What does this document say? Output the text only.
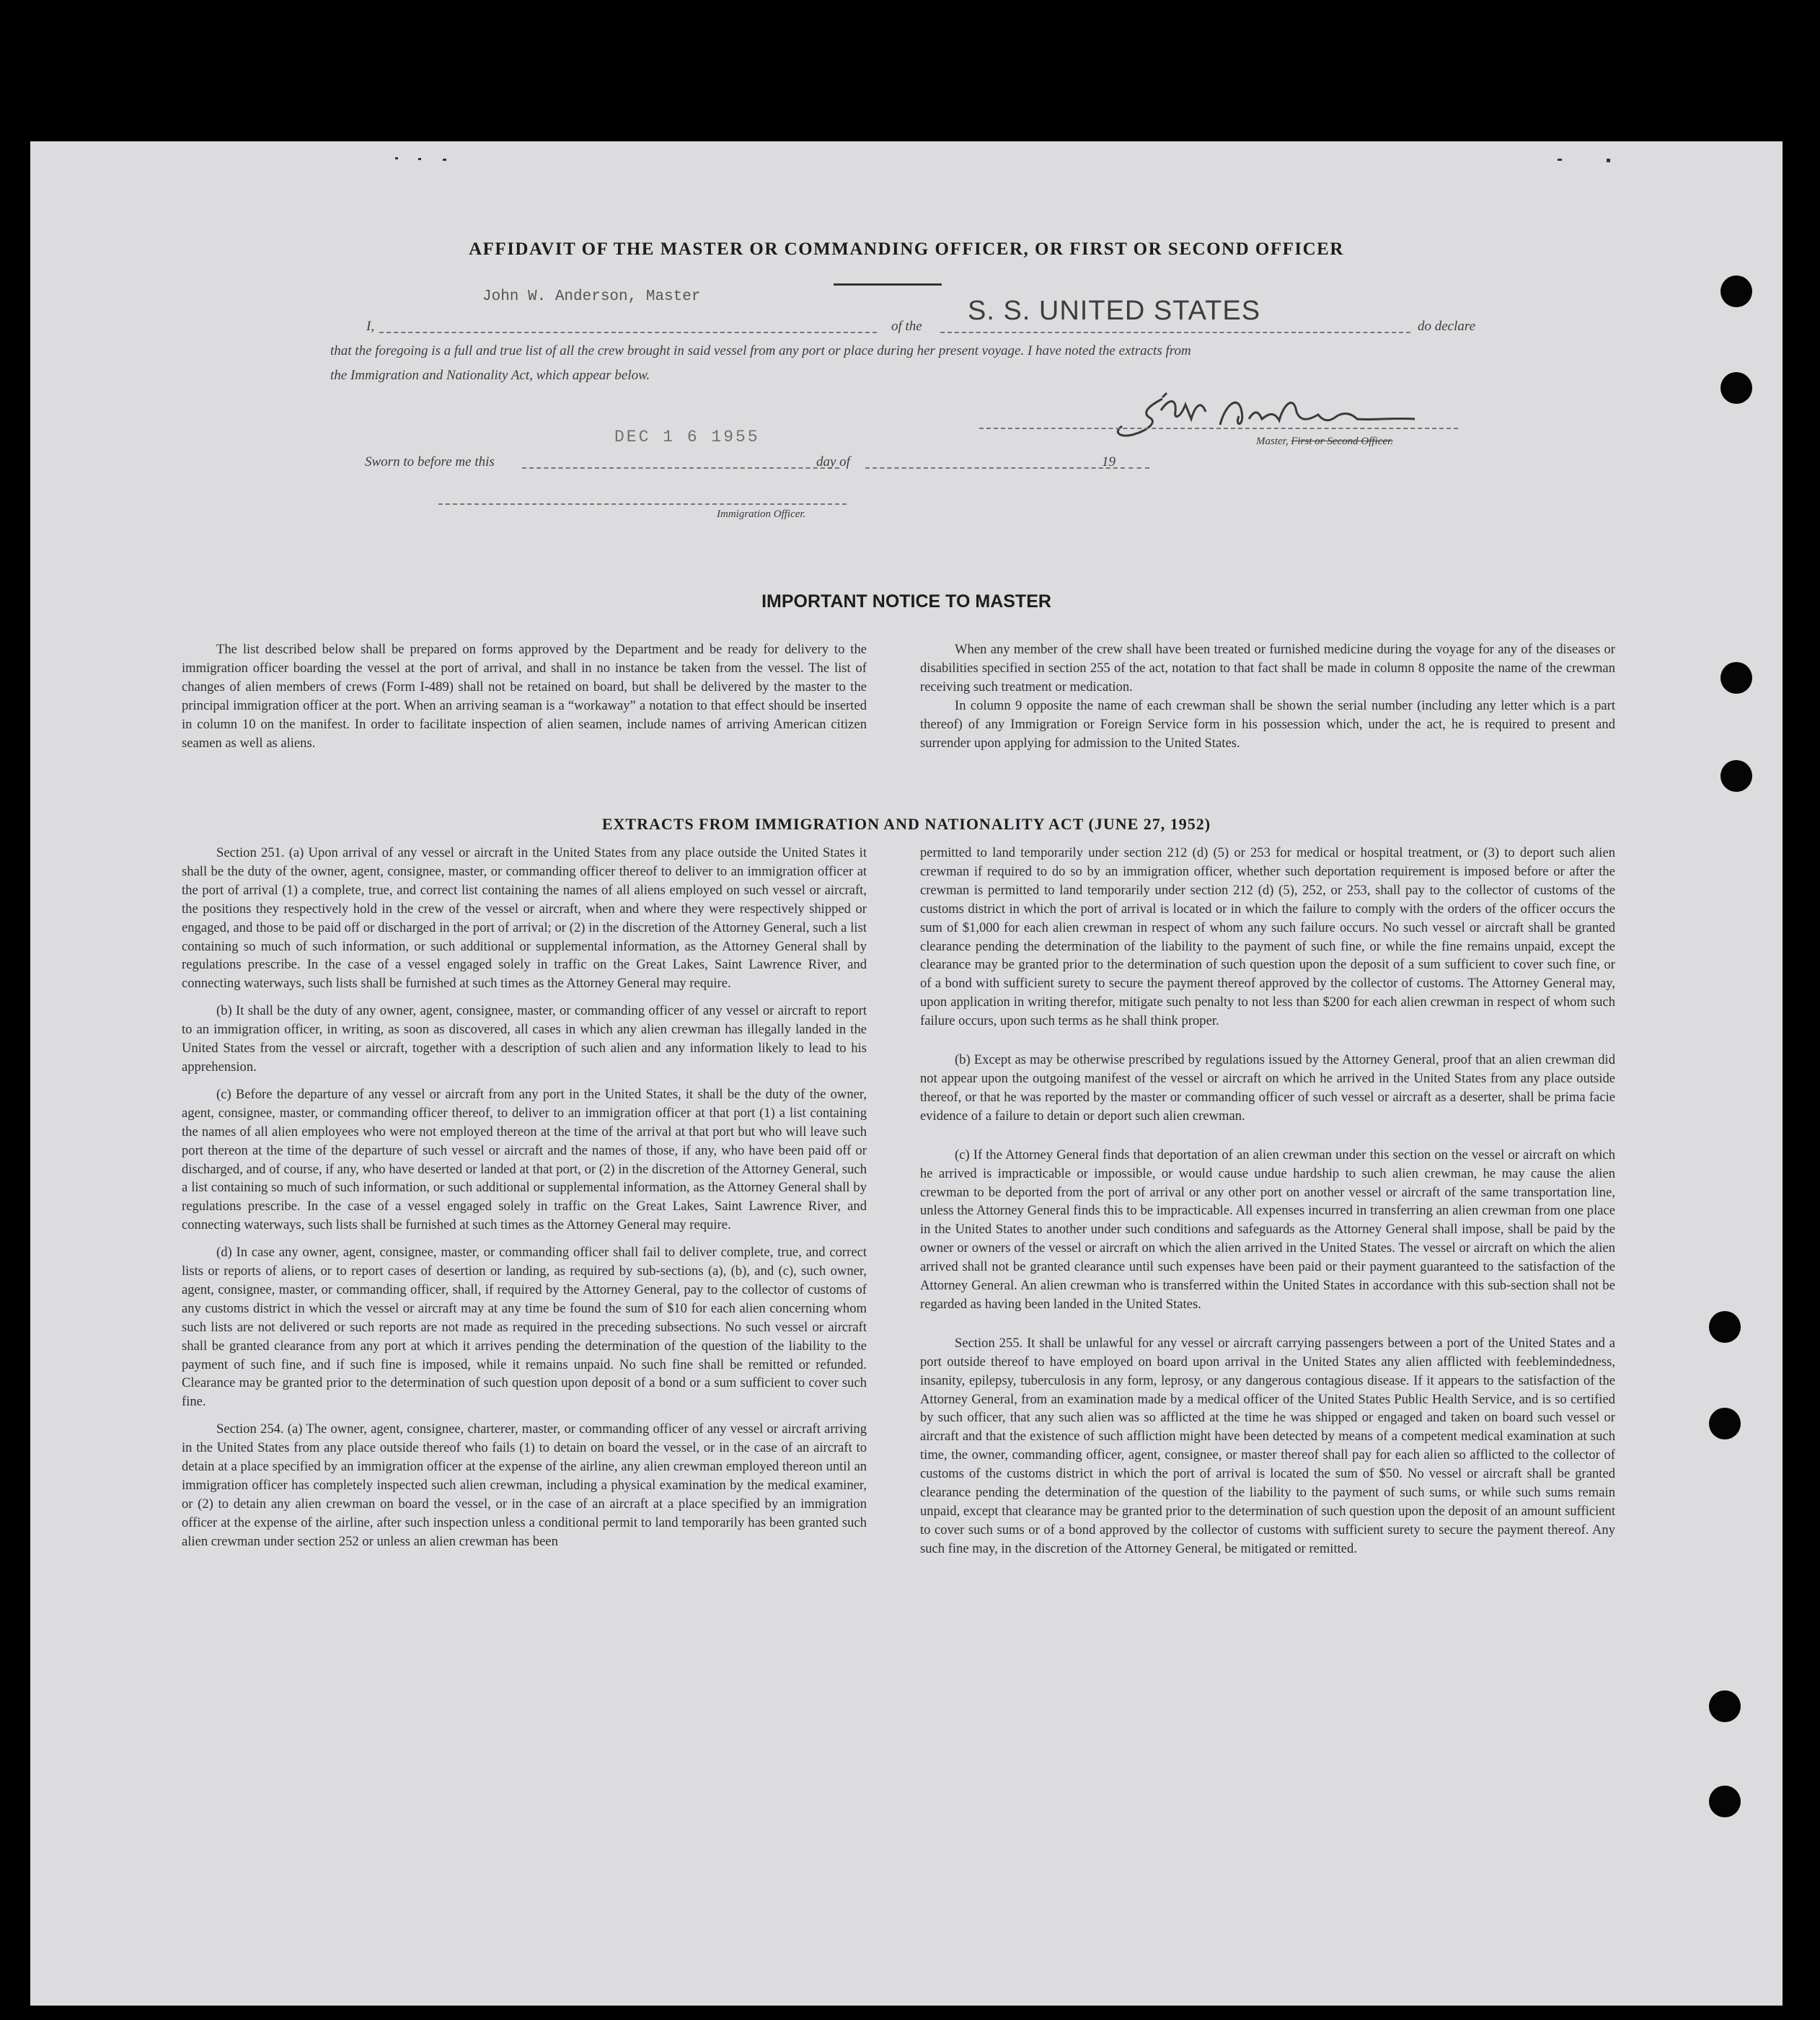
AFFIDAVIT OF THE MASTER OR COMMANDING OFFICER, OR FIRST OR SECOND OFFICER
John W. Anderson, Master	S. S. UNITED STATES
I,	of the	do declare
that the foregoing is a full and true list of all the crew brought in said vessel from any port or place during her present voyage. I have noted the extracts from
the Immigration and Nationality Act, which appear below.
Master, First or Second Officer.
DEC 1 6 1955
Sworn to before me this	day of	19
Immigration Officer.
IMPORTANT NOTICE TO MASTER

The list described below shall be prepared on forms approved by the Department and be ready for delivery to the immigration officer boarding the vessel at the port of arrival, and shall in no instance be taken from the vessel. The list of changes of alien members of crews (Form I-489) shall not be retained on board, but shall be delivered by the master to the principal immigration officer at the port. When an arriving seaman is a “workaway” a notation to that effect should be inserted in column 10 on the manifest. In order to facilitate inspection of alien seamen, include names of arriving American citizen seamen as well as aliens.

When any member of the crew shall have been treated or furnished medicine during the voyage for any of the diseases or disabilities specified in section 255 of the act, notation to that fact shall be made in column 8 opposite the name of the crewman receiving such treatment or medication.

In column 9 opposite the name of each crewman shall be shown the serial number (including any letter which is a part thereof) of any Immigration or Foreign Service form in his possession which, under the act, he is required to present and surrender upon applying for admission to the United States.

EXTRACTS FROM IMMIGRATION AND NATIONALITY ACT (JUNE 27, 1952)

Section 251. (a) Upon arrival of any vessel or aircraft in the United States from any place outside the United States it shall be the duty of the owner, agent, consignee, master, or commanding officer thereof to deliver to an immigration officer at the port of arrival (1) a complete, true, and correct list containing the names of all aliens employed on such vessel or aircraft, the positions they respectively hold in the crew of the vessel or aircraft, when and where they were respectively shipped or engaged, and those to be paid off or discharged in the port of arrival; or (2) in the discretion of the Attorney General, such a list containing so much of such information, or such additional or supplemental information, as the Attorney General shall by regulations prescribe. In the case of a vessel engaged solely in traffic on the Great Lakes, Saint Lawrence River, and connecting waterways, such lists shall be furnished at such times as the Attorney General may require.

(b) It shall be the duty of any owner, agent, consignee, master, or commanding officer of any vessel or aircraft to report to an immigration officer, in writing, as soon as discovered, all cases in which any alien crewman has illegally landed in the United States from the vessel or aircraft, together with a description of such alien and any information likely to lead to his apprehension.

(c) Before the departure of any vessel or aircraft from any port in the United States, it shall be the duty of the owner, agent, consignee, master, or commanding officer thereof, to deliver to an immigration officer at that port (1) a list containing the names of all alien employees who were not employed thereon at the time of the arrival at that port but who will leave such port thereon at the time of the departure of such vessel or aircraft and the names of those, if any, who have been paid off or discharged, and of course, if any, who have deserted or landed at that port, or (2) in the discretion of the Attorney General, such a list containing so much of such information, or such additional or supplemental information, as the Attorney General shall by regulations prescribe. In the case of a vessel engaged solely in traffic on the Great Lakes, Saint Lawrence River, and connecting waterways, such lists shall be furnished at such times as the Attorney General may require.

(d) In case any owner, agent, consignee, master, or commanding officer shall fail to deliver complete, true, and correct lists or reports of aliens, or to report cases of desertion or landing, as required by sub-sections (a), (b), and (c), such owner, agent, consignee, master, or commanding officer, shall, if required by the Attorney General, pay to the collector of customs of any customs district in which the vessel or aircraft may at any time be found the sum of $10 for each alien concerning whom such lists are not delivered or such reports are not made as required in the preceding subsections. No such vessel or aircraft shall be granted clearance from any port at which it arrives pending the determination of the question of the liability to the payment of such fine, and if such fine is imposed, while it remains unpaid. No such fine shall be remitted or refunded. Clearance may be granted prior to the determination of such question upon deposit of a bond or a sum sufficient to cover such fine.

Section 254. (a) The owner, agent, consignee, charterer, master, or commanding officer of any vessel or aircraft arriving in the United States from any place outside thereof who fails (1) to detain on board the vessel, or in the case of an aircraft to detain at a place specified by an immigration officer at the expense of the airline, any alien crewman employed thereon until an immigration officer has completely inspected such alien crewman, including a physical examination by the medical examiner, or (2) to detain any alien crewman on board the vessel, or in the case of an aircraft at a place specified by an immigration officer at the expense of the airline, after such inspection unless a conditional permit to land temporarily has been granted such alien crewman under section 252 or unless an alien crewman has been

permitted to land temporarily under section 212 (d) (5) or 253 for medical or hospital treatment, or (3) to deport such alien crewman if required to do so by an immigration officer, whether such deportation requirement is imposed before or after the crewman is permitted to land temporarily under section 212 (d) (5), 252, or 253, shall pay to the collector of customs of the customs district in which the port of arrival is located or in which the failure to comply with the orders of the officer occurs the sum of $1,000 for each alien crewman in respect of whom any such failure occurs. No such vessel or aircraft shall be granted clearance pending the determination of the liability to the payment of such fine, or while the fine remains unpaid, except the clearance may be granted prior to the determination of such question upon the deposit of a sum sufficient to cover such fine, or of a bond with sufficient surety to secure the payment thereof approved by the collector of customs. The Attorney General may, upon application in writing therefor, mitigate such penalty to not less than $200 for each alien crewman in respect of whom such failure occurs, upon such terms as he shall think proper.

(b) Except as may be otherwise prescribed by regulations issued by the Attorney General, proof that an alien crewman did not appear upon the outgoing manifest of the vessel or aircraft on which he arrived in the United States from any place outside thereof, or that he was reported by the master or commanding officer of such vessel or aircraft as a deserter, shall be prima facie evidence of a failure to detain or deport such alien crewman.

(c) If the Attorney General finds that deportation of an alien crewman under this section on the vessel or aircraft on which he arrived is impracticable or impossible, or would cause undue hardship to such alien crewman, he may cause the alien crewman to be deported from the port of arrival or any other port on another vessel or aircraft of the same transportation line, unless the Attorney General finds this to be impracticable. All expenses incurred in transferring an alien crewman from one place in the United States to another under such conditions and safeguards as the Attorney General shall impose, shall be paid by the owner or owners of the vessel or aircraft on which the alien arrived in the United States. The vessel or aircraft on which the alien arrived shall not be granted clearance until such expenses have been paid or their payment guaranteed to the satisfaction of the Attorney General. An alien crewman who is transferred within the United States in accordance with this sub-section shall not be regarded as having been landed in the United States.

Section 255. It shall be unlawful for any vessel or aircraft carrying passengers between a port of the United States and a port outside thereof to have employed on board upon arrival in the United States any alien afflicted with feeblemindedness, insanity, epilepsy, tuberculosis in any form, leprosy, or any dangerous contagious disease. If it appears to the satisfaction of the Attorney General, from an examination made by a medical officer of the United States Public Health Service, and is so certified by such officer, that any such alien was so afflicted at the time he was shipped or engaged and taken on board such vessel or aircraft and that the existence of such affliction might have been detected by means of a competent medical examination at such time, the owner, commanding officer, agent, consignee, or master thereof shall pay for each alien so afflicted to the collector of customs of the customs district in which the port of arrival is located the sum of $50. No vessel or aircraft shall be granted clearance pending the determination of the question of the liability to the payment of such sums, or while such sums remain unpaid, except that clearance may be granted prior to the determination of such question upon the deposit of an amount sufficient to cover such sums or of a bond approved by the collector of customs with sufficient surety to secure the payment thereof. Any such fine may, in the discretion of the Attorney General, be mitigated or remitted.
